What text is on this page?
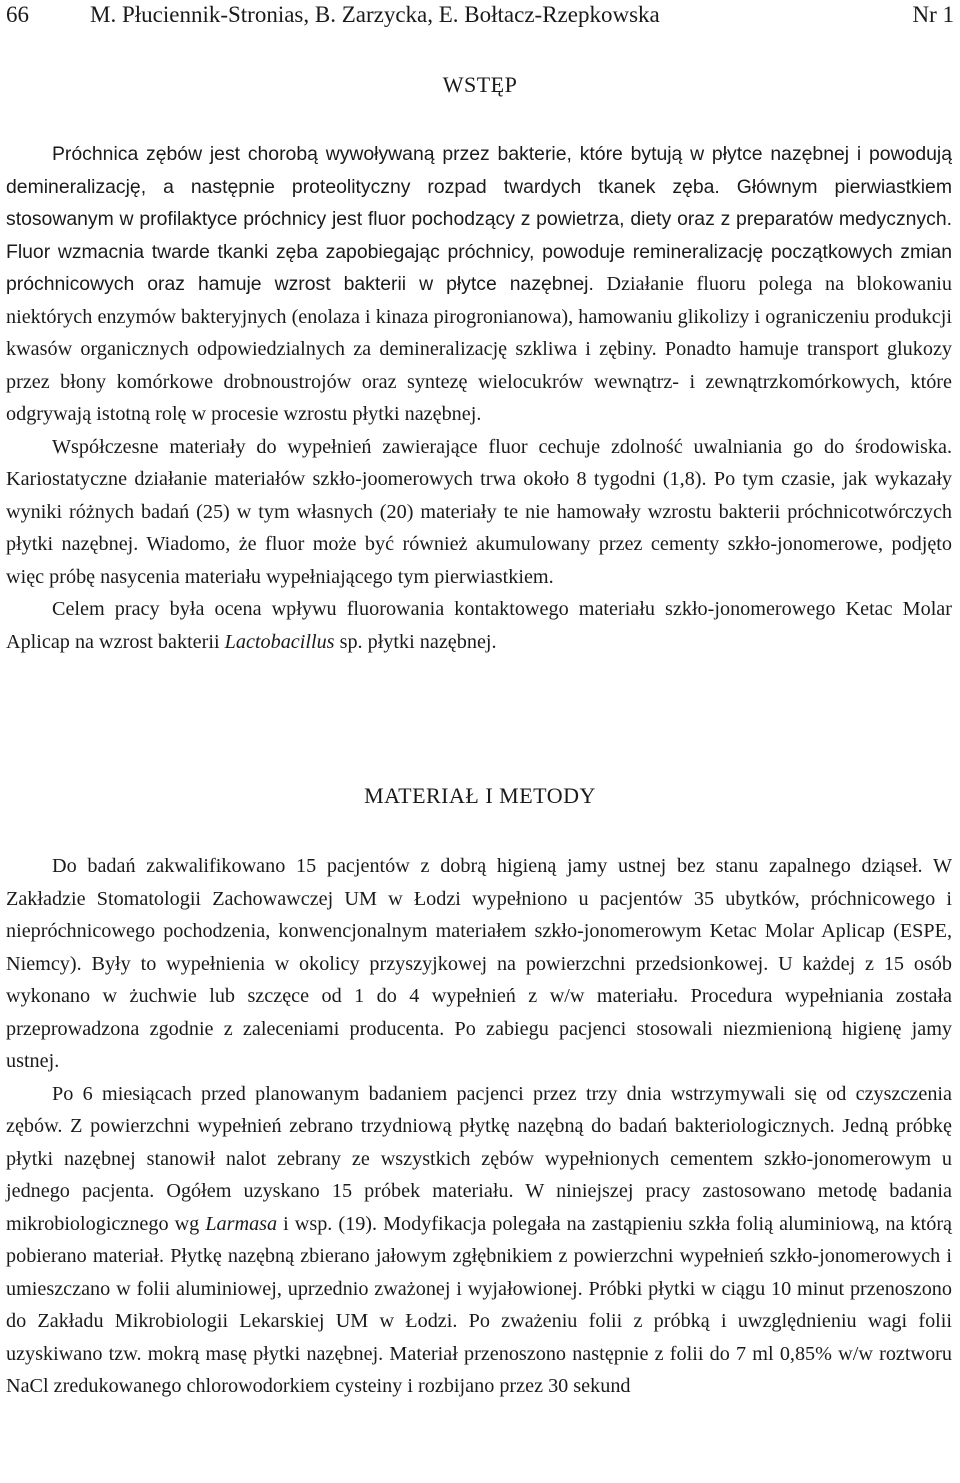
66	M. Płuciennik-Stronias, B. Zarzycka, E. Bołtacz-Rzepkowska	Nr 1
WSTĘP

Próchnica zębów jest chorobą wywoływaną przez bakterie, które bytują w płytce nazębnej i powodują demineralizację, a następnie proteolityczny rozpad twardych tkanek zęba. Głównym pierwiastkiem stosowanym w profilaktyce próchnicy jest fluor pochodzący z powietrza, diety oraz z preparatów medycznych. Fluor wzmacnia twarde tkanki zęba zapobiegając próchnicy, powoduje remineralizację początkowych zmian próchnicowych oraz hamuje wzrost bakterii w płytce nazębnej. Działanie fluoru polega na blokowaniu niektórych enzymów bakteryjnych (enolaza i kinaza pirogronianowa), hamowaniu glikolizy i ograniczeniu produkcji kwasów organicznych odpowiedzialnych za demineralizację szkliwa i zębiny. Ponadto hamuje transport glukozy przez błony komórkowe drobnoustrojów oraz syntezę wielocukrów wewnątrz- i zewnątrzkomórkowych, które odgrywają istotną rolę w procesie wzrostu płytki nazębnej.

Współczesne materiały do wypełnień zawierające fluor cechuje zdolność uwalniania go do środowiska. Kariostatyczne działanie materiałów szkło-joomerowych trwa około 8 tygodni (1,8). Po tym czasie, jak wykazały wyniki różnych badań (25) w tym własnych (20) materiały te nie hamowały wzrostu bakterii próchnicotwórczych płytki nazębnej. Wiadomo, że fluor może być również akumulowany przez cementy szkło-jonomerowe, podjęto więc próbę nasycenia materiału wypełniającego tym pierwiastkiem.

Celem pracy była ocena wpływu fluorowania kontaktowego materiału szkło-jonomerowego Ketac Molar Aplicap na wzrost bakterii Lactobacillus sp. płytki nazębnej.

MATERIAŁ I METODY

Do badań zakwalifikowano 15 pacjentów z dobrą higieną jamy ustnej bez stanu zapalnego dziąseł. W Zakładzie Stomatologii Zachowawczej UM w Łodzi wypełniono u pacjentów 35 ubytków, próchnicowego i niepróchnicowego pochodzenia, konwencjonalnym materiałem szkło-jonomerowym Ketac Molar Aplicap (ESPE, Niemcy). Były to wypełnienia w okolicy przyszyjkowej na powierzchni przedsionkowej. U każdej z 15 osób wykonano w żuchwie lub szczęce od 1 do 4 wypełnień z w/w materiału. Procedura wypełniania została przeprowadzona zgodnie z zaleceniami producenta. Po zabiegu pacjenci stosowali niezmienioną higienę jamy ustnej.

Po 6 miesiącach przed planowanym badaniem pacjenci przez trzy dnia wstrzymywali się od czyszczenia zębów. Z powierzchni wypełnień zebrano trzydniową płytkę nazębną do badań bakteriologicznych. Jedną próbkę płytki nazębnej stanowił nalot zebrany ze wszystkich zębów wypełnionych cementem szkło-jonomerowym u jednego pacjenta. Ogółem uzyskano 15 próbek materiału. W niniejszej pracy zastosowano metodę badania mikrobiologicznego wg Larmasa i wsp. (19). Modyfikacja polegała na zastąpieniu szkła folią aluminiową, na którą pobierano materiał. Płytkę nazębną zbierano jałowym zgłębnikiem z powierzchni wypełnień szkło-jonomerowych i umieszczano w folii aluminiowej, uprzednio zważonej i wyjałowionej. Próbki płytki w ciągu 10 minut przenoszono do Zakładu Mikrobiologii Lekarskiej UM w Łodzi. Po zważeniu folii z próbką i uwzględnieniu wagi folii uzyskiwano tzw. mokrą masę płytki nazębnej. Materiał przenoszono następnie z folii do 7 ml 0,85% w/w roztworu NaCl zredukowanego chlorowodorkiem cysteiny i rozbijano przez 30 sekund
